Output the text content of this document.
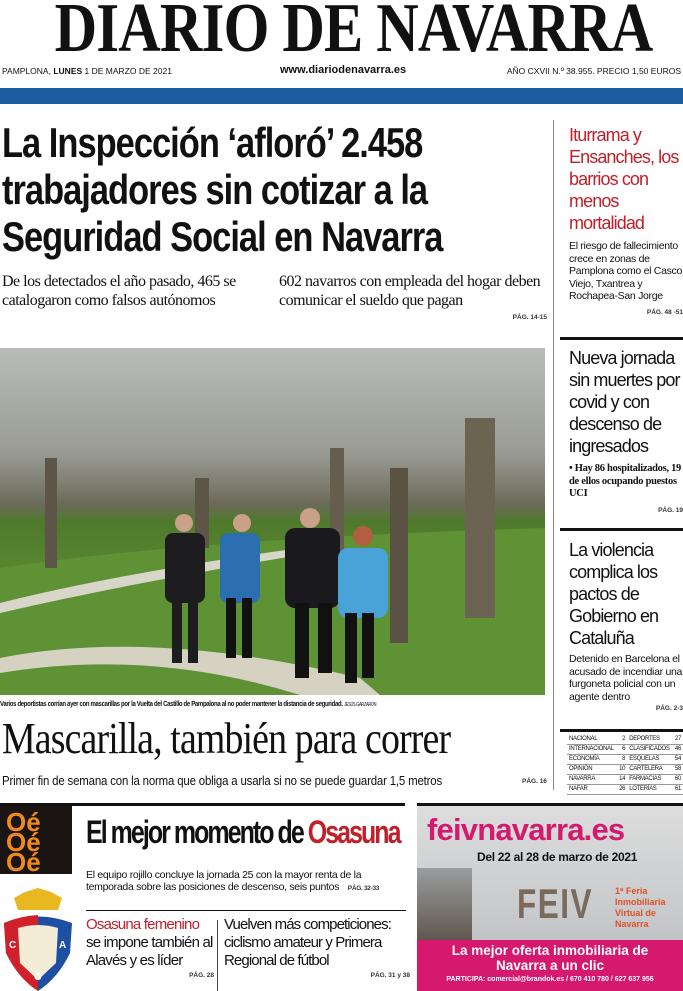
DIARIO DE NAVARRA
PAMPLONA, LUNES 1 DE MARZO DE 2021	www.diariodenavarra.es	AÑO CXVII N.º 38.955. PRECIO 1,50 EUROS
La Inspección ‘afloró’ 2.458 trabajadores sin cotizar a la Seguridad Social en Navarra
De los detectados el año pasado, 465 se catalogaron como falsos autónomos
602 navarros con empleada del hogar deben comunicar el sueldo que pagan
PÁG. 14-15
Varios deportistas corrían ayer con mascarillas por la Vuelta del Castillo de Pampalona al no poder mantener la distancia de seguridad. JESÚS GARZARON
Mascarilla, también para correr
Primer fin de semana con la norma que obliga a usarla si no se puede guardar 1,5 metros	PÁG. 16
Iturrama y Ensanches, los barrios con menos mortalidad
El riesgo de fallecimiento crece en zonas de Pamplona como el Casco Viejo, Txantrea y Rochapea-San Jorge
PÁG. 48 -51
Nueva jornada sin muertes por covid y con descenso de ingresados
• Hay 86 hospitalizados, 19 de ellos ocupando puestos UCI
PÁG. 19
La violencia complica los pactos de Gobierno en Cataluña
Detenido en Barcelona el acusado de incendiar una furgoneta policial con un agente dentro
PÁG. 2-3
NACIONAL	2	DEPORTES	27
INTERNACIONAL	6	CLASIFICADOS	46
ECONOMÍA	8	ESQUELAS	54
OPINIÓN	10	CARTELERA	58
NAVARRA	14	FARMACIAS	60
NAFAR	26	LOTERÍAS	61
Oé Oé Oé
El mejor momento de Osasuna
El equipo rojillo concluye la jornada 25 con la mayor renta de la temporada sobre las posiciones de descenso, seis puntos PÁG. 32-33
C	A
O
Osasuna femenino se impone también al Alavés y es líder
PÁG. 28
Vuelven más competiciones: ciclismo amateur y Primera Regional de fútbol
PÁG. 31 y 38
feivnavarra.es
Del 22 al 28 de marzo de 2021
FEIV 1ª Feria Inmobiliaria Virtual de Navarra
La mejor oferta inmobiliaria de Navarra a un clic
PARTICIPA: comercial@brandok.es / 670 410 780 / 627 637 956
